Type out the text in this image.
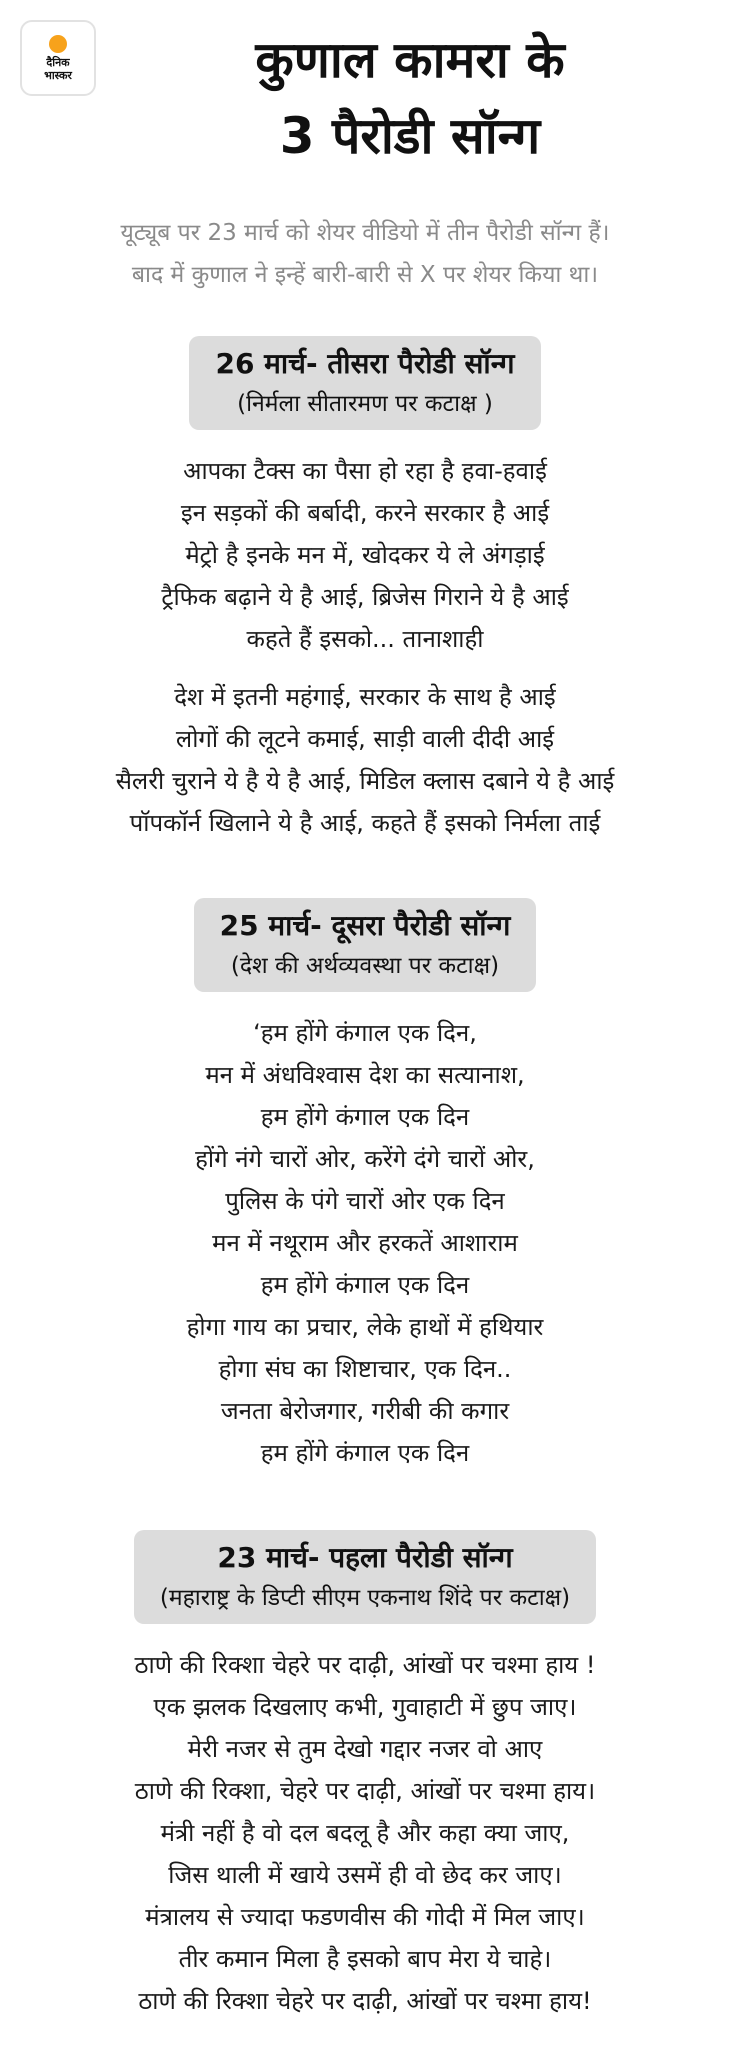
दैनिक
भास्कर	कुणाल कामरा के
3 पैरोडी सॉन्ग
यूट्यूब पर 23 मार्च को शेयर वीडियो में तीन पैरोडी सॉन्ग हैं।
बाद में कुणाल ने इन्हें बारी-बारी से X पर शेयर किया था।
26 मार्च- तीसरा पैरोडी सॉन्ग
(निर्मला सीतारमण पर कटाक्ष )
आपका टैक्स का पैसा हो रहा है हवा-हवाई
इन सड़कों की बर्बादी, करने सरकार है आई
मेट्रो है इनके मन में, खोदकर ये ले अंगड़ाई
ट्रैफिक बढ़ाने ये है आई, ब्रिजेस गिराने ये है आई
कहते हैं इसको... तानाशाही
देश में इतनी महंगाई, सरकार के साथ है आई
लोगों की लूटने कमाई, साड़ी वाली दीदी आई
सैलरी चुराने ये है ये है आई, मिडिल क्लास दबाने ये है आई
पॉपकॉर्न खिलाने ये है आई, कहते हैं इसको निर्मला ताई
25 मार्च- दूसरा पैरोडी सॉन्ग
(देश की अर्थव्यवस्था पर कटाक्ष)
‘हम होंगे कंगाल एक दिन,
मन में अंधविश्वास देश का सत्यानाश,
हम होंगे कंगाल एक दिन
होंगे नंगे चारों ओर, करेंगे दंगे चारों ओर,
पुलिस के पंगे चारों ओर एक दिन
मन में नथूराम और हरकतें आशाराम
हम होंगे कंगाल एक दिन
होगा गाय का प्रचार, लेके हाथों में हथियार
होगा संघ का शिष्टाचार, एक दिन..
जनता बेरोजगार, गरीबी की कगार
हम होंगे कंगाल एक दिन
23 मार्च- पहला पैरोडी सॉन्ग
(महाराष्ट्र के डिप्टी सीएम एकनाथ शिंदे पर कटाक्ष)
ठाणे की रिक्शा चेहरे पर दाढ़ी, आंखों पर चश्मा हाय !
एक झलक दिखलाए कभी, गुवाहाटी में छुप जाए।
मेरी नजर से तुम देखो गद्दार नजर वो आए
ठाणे की रिक्शा, चेहरे पर दाढ़ी, आंखों पर चश्मा हाय।
मंत्री नहीं है वो दल बदलू है और कहा क्या जाए,
जिस थाली में खाये उसमें ही वो छेद कर जाए।
मंत्रालय से ज्यादा फडणवीस की गोदी में मिल जाए।
तीर कमान मिला है इसको बाप मेरा ये चाहे।
ठाणे की रिक्शा चेहरे पर दाढ़ी, आंखों पर चश्मा हाय!
